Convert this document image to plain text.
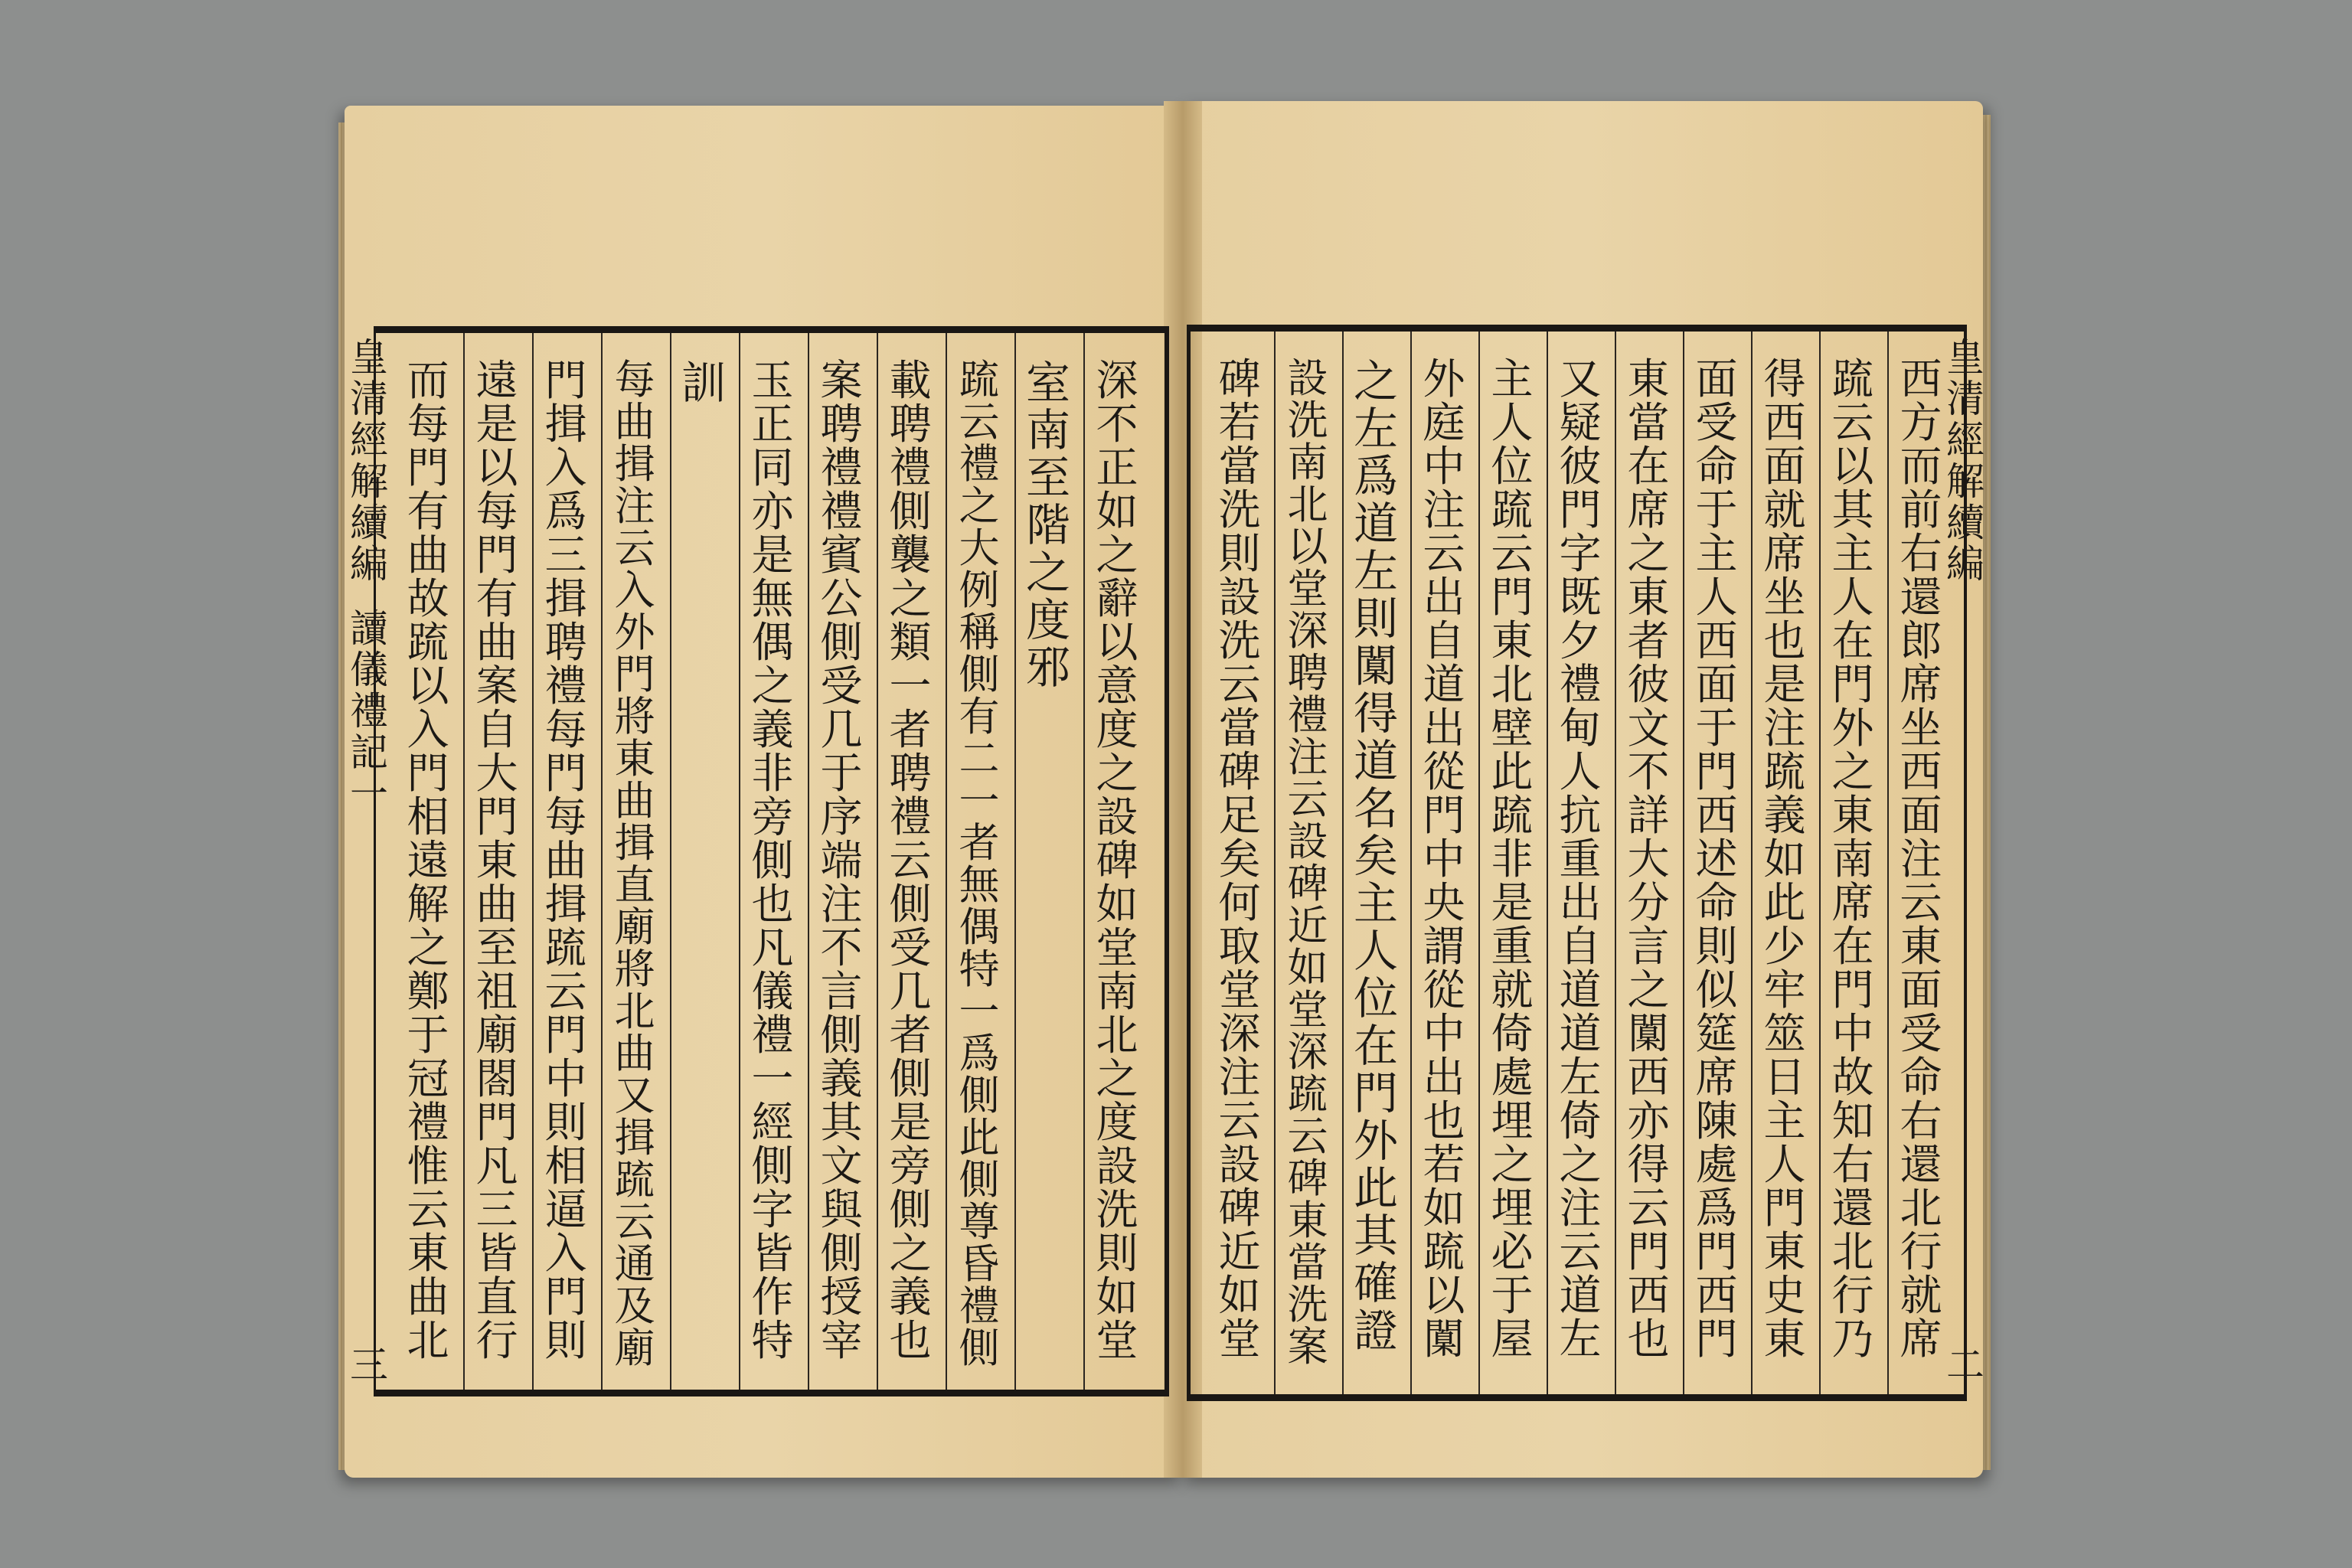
皇
清
經
解
續
編
讀
儀
禮
記
一
三
深
不
正
如
之
辭
以
意
度
之
設
碑
如
堂
南
北
之
度
設
洗
則
如
堂
室
南
至
階
之
度
邪
䟽
云
禮
之
大
例
稱
側
有
二
一
者
無
偶
特
一
爲
側
此
側
尊
昏
禮
側
載
聘
禮
側
襲
之
類
一
者
聘
禮
云
側
受
几
者
側
是
旁
側
之
義
也
案
聘
禮
禮
賓
公
側
受
几
于
序
端
注
不
言
側
義
其
文
與
側
授
宰
玉
正
同
亦
是
無
偶
之
義
非
旁
側
也
凡
儀
禮
一
經
側
字
皆
作
特
訓
每
曲
揖
注
云
入
外
門
將
東
曲
揖
直
廟
將
北
曲
又
揖
䟽
云
通
及
廟
門
揖
入
爲
三
揖
聘
禮
每
門
每
曲
揖
䟽
云
門
中
則
相
逼
入
門
則
遠
是
以
每
門
有
曲
案
自
大
門
東
曲
至
祖
廟
閤
門
凡
三
皆
直
行
而
每
門
有
曲
故
䟽
以
入
門
相
遠
解
之
鄭
于
冠
禮
惟
云
東
曲
北
西
方
而
前
右
還
郎
席
坐
西
面
注
云
東
面
受
命
右
還
北
行
就
席
䟽
云
以
其
主
人
在
門
外
之
東
南
席
在
門
中
故
知
右
還
北
行
乃
得
西
面
就
席
坐
也
是
注
䟽
義
如
此
少
牢
筮
日
主
人
門
東
史
東
面
受
命
于
主
人
西
面
于
門
西
述
命
則
似
筵
席
陳
處
爲
門
西
門
東
當
在
席
之
東
者
彼
文
不
詳
大
分
言
之
闑
西
亦
得
云
門
西
也
又
疑
彼
門
字
既
夕
禮
甸
人
抗
重
出
自
道
道
左
倚
之
注
云
道
左
主
人
位
䟽
云
門
東
北
壁
此
䟽
非
是
重
就
倚
處
埋
之
埋
必
于
屋
外
庭
中
注
云
出
自
道
出
從
門
中
央
謂
從
中
出
也
若
如
䟽
以
闑
之
左
爲
道
左
則
闑
得
道
名
矣
主
人
位
在
門
外
此
其
確
證
設
洗
南
北
以
堂
深
聘
禮
注
云
設
碑
近
如
堂
深
䟽
云
碑
東
當
洗
案
碑
若
當
洗
則
設
洗
云
當
碑
足
矣
何
取
堂
深
注
云
設
碑
近
如
堂
皇
清
經
解
續
編
二
